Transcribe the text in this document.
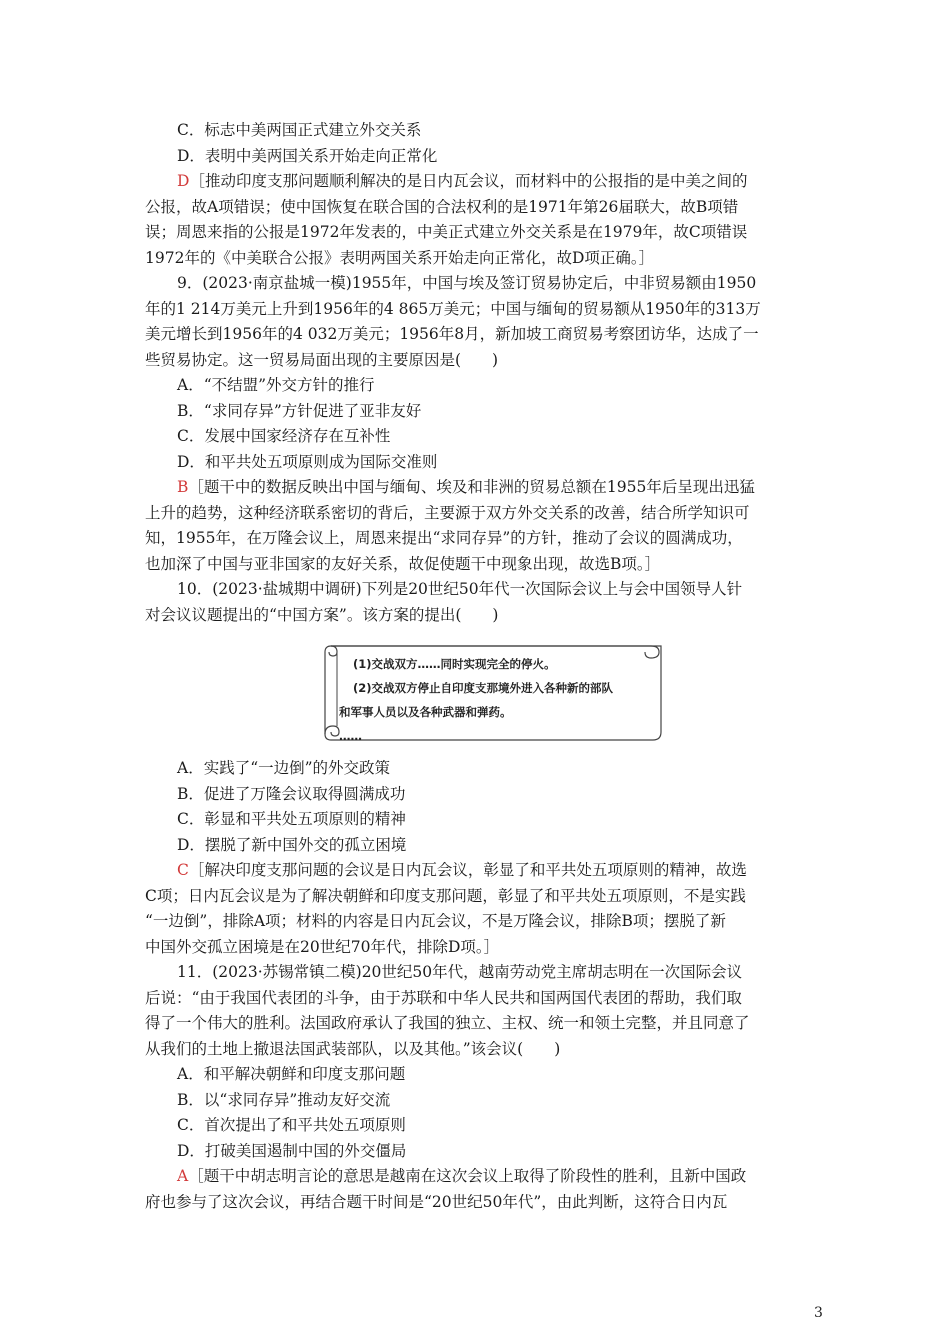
C．标志中美两国正式建立外交关系
D．表明中美两国关系开始走向正常化
D［推动印度支那问题顺利解决的是日内瓦会议，而材料中的公报指的是中美之间的
公报，故A项错误；使中国恢复在联合国的合法权利的是1971年第26届联大，故B项错
误；周恩来指的公报是1972年发表的，中美正式建立外交关系是在1979年，故C项错误
1972年的《中美联合公报》表明两国关系开始走向正常化，故D项正确。］
9．(2023·南京盐城一模)1955年，中国与埃及签订贸易协定后，中非贸易额由1950
年的1 214万美元上升到1956年的4 865万美元；中国与缅甸的贸易额从1950年的313万
美元增长到1956年的4 032万美元；1956年8月，新加坡工商贸易考察团访华，达成了一
些贸易协定。这一贸易局面出现的主要原因是(　　)
A．“不结盟”外交方针的推行
B．“求同存异”方针促进了亚非友好
C．发展中国家经济存在互补性
D．和平共处五项原则成为国际交准则
B［题干中的数据反映出中国与缅甸、埃及和非洲的贸易总额在1955年后呈现出迅猛
上升的趋势，这种经济联系密切的背后，主要源于双方外交关系的改善，结合所学知识可
知，1955年，在万隆会议上，周恩来提出“求同存异”的方针，推动了会议的圆满成功，
也加深了中国与亚非国家的友好关系，故促使题干中现象出现，故选B项。］
10．(2023·盐城期中调研)下列是20世纪50年代一次国际会议上与会中国领导人针
对会议议题提出的“中国方案”。该方案的提出(　　)
(1)交战双方……同时实现完全的停火。
(2)交战双方停止自印度支那境外进入各种新的部队
和军事人员以及各种武器和弹药。
……
A．实践了“一边倒”的外交政策
B．促进了万隆会议取得圆满成功
C．彰显和平共处五项原则的精神
D．摆脱了新中国外交的孤立困境
C［解决印度支那问题的会议是日内瓦会议，彰显了和平共处五项原则的精神，故选
C项；日内瓦会议是为了解决朝鲜和印度支那问题，彰显了和平共处五项原则，不是实践
“一边倒”，排除A项；材料的内容是日内瓦会议，不是万隆会议，排除B项；摆脱了新
中国外交孤立困境是在20世纪70年代，排除D项。］
11．(2023·苏锡常镇二模)20世纪50年代，越南劳动党主席胡志明在一次国际会议
后说：“由于我国代表团的斗争，由于苏联和中华人民共和国两国代表团的帮助，我们取
得了一个伟大的胜利。法国政府承认了我国的独立、主权、统一和领土完整，并且同意了
从我们的土地上撤退法国武装部队，以及其他。”该会议(　　)
A．和平解决朝鲜和印度支那问题
B．以“求同存异”推动友好交流
C．首次提出了和平共处五项原则
D．打破美国遏制中国的外交僵局
A［题干中胡志明言论的意思是越南在这次会议上取得了阶段性的胜利，且新中国政
府也参与了这次会议，再结合题干时间是“20世纪50年代”，由此判断，这符合日内瓦
3
